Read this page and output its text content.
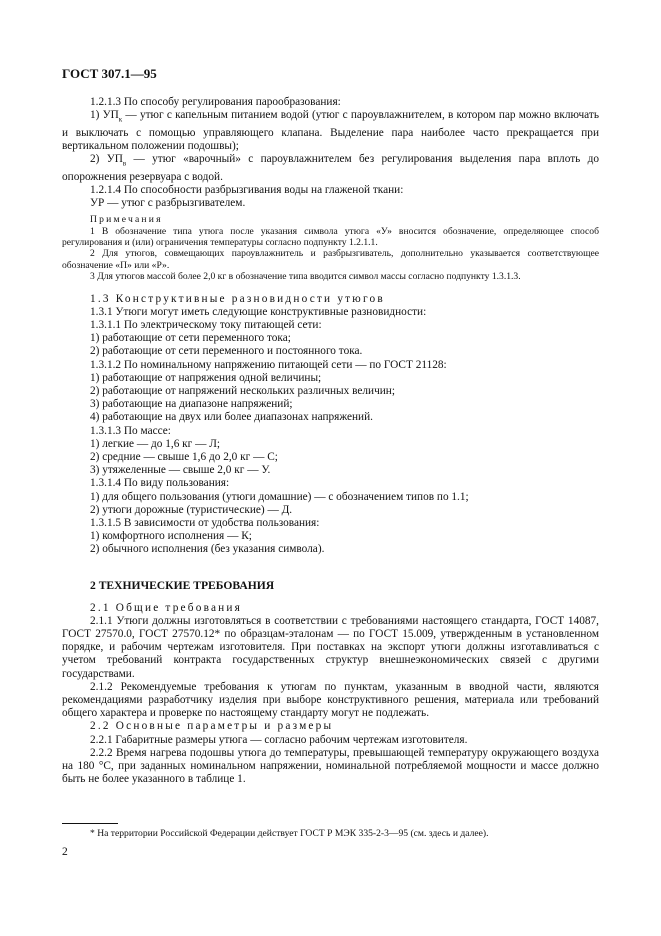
ГОСТ 307.1—95

1.2.1.3 По способу регулирования парообразования:

1) $УП_к$ — утюг с капельным питанием водой (утюг с пароувлажнителем, в котором пар можно включать и выключать с помощью управляющего клапана. Выделение пара наиболее часто прекращается при вертикальном положении подошвы);

2) $УП_в$ — утюг «варочный» с пароувлажнителем без регулирования выделения пара вплоть до опорожнения резервуара с водой.

1.2.1.4 По способности разбрызгивания воды на глаженой ткани:

УР — утюг с разбрызгивателем.

Примечания

1 В обозначение типа утюга после указания символа утюга «У» вносится обозначение, определяющее способ регулирования и (или) ограничения температуры согласно подпункту 1.2.1.1.

2 Для утюгов, совмещающих пароувлажнитель и разбрызгиватель, дополнительно указывается соответствующее обозначение «П» или «Р».

3 Для утюгов массой более 2,0 кг в обозначение типа вводится символ массы согласно подпункту 1.3.1.3.

1.3 Конструктивные разновидности утюгов

1.3.1 Утюги могут иметь следующие конструктивные разновидности:

1.3.1.1 По электрическому току питающей сети:

1) работающие от сети переменного тока;

2) работающие от сети переменного и постоянного тока.

1.3.1.2 По номинальному напряжению питающей сети — по ГОСТ 21128:

1) работающие от напряжения одной величины;

2) работающие от напряжений нескольких различных величин;

3) работающие на диапазоне напряжений;

4) работающие на двух или более диапазонах напряжений.

1.3.1.3 По массе:

1) легкие — до 1,6 кг — Л;

2) средние — свыше 1,6 до 2,0 кг — С;

3) утяжеленные — свыше 2,0 кг — У.

1.3.1.4 По виду пользования:

1) для общего пользования (утюги домашние) — с обозначением типов по 1.1;

2) утюги дорожные (туристические) — Д.

1.3.1.5 В зависимости от удобства пользования:

1) комфортного исполнения — К;

2) обычного исполнения (без указания символа).

2 ТЕХНИЧЕСКИЕ ТРЕБОВАНИЯ

2.1 Общие требования

2.1.1 Утюги должны изготовляться в соответствии с требованиями настоящего стандарта, ГОСТ 14087, ГОСТ 27570.0, ГОСТ 27570.12* по образцам-эталонам — по ГОСТ 15.009, утвержденным в установленном порядке, и рабочим чертежам изготовителя. При поставках на экспорт утюги должны изготавливаться с учетом требований контракта государственных структур внешнеэкономических связей с другими государствами.

2.1.2 Рекомендуемые требования к утюгам по пунктам, указанным в вводной части, являются рекомендациями разработчику изделия при выборе конструктивного решения, материала или требований общего характера и проверке по настоящему стандарту могут не подлежать.

2.2 Основные параметры и размеры

2.2.1 Габаритные размеры утюга — согласно рабочим чертежам изготовителя.

2.2.2 Время нагрева подошвы утюга до температуры, превышающей температуру окружающего воздуха на 180 °С, при заданных номинальном напряжении, номинальной потребляемой мощности и массе должно быть не более указанного в таблице 1.

* На территории Российской Федерации действует ГОСТ Р МЭК 335-2-3—95 (см. здесь и далее).

2
